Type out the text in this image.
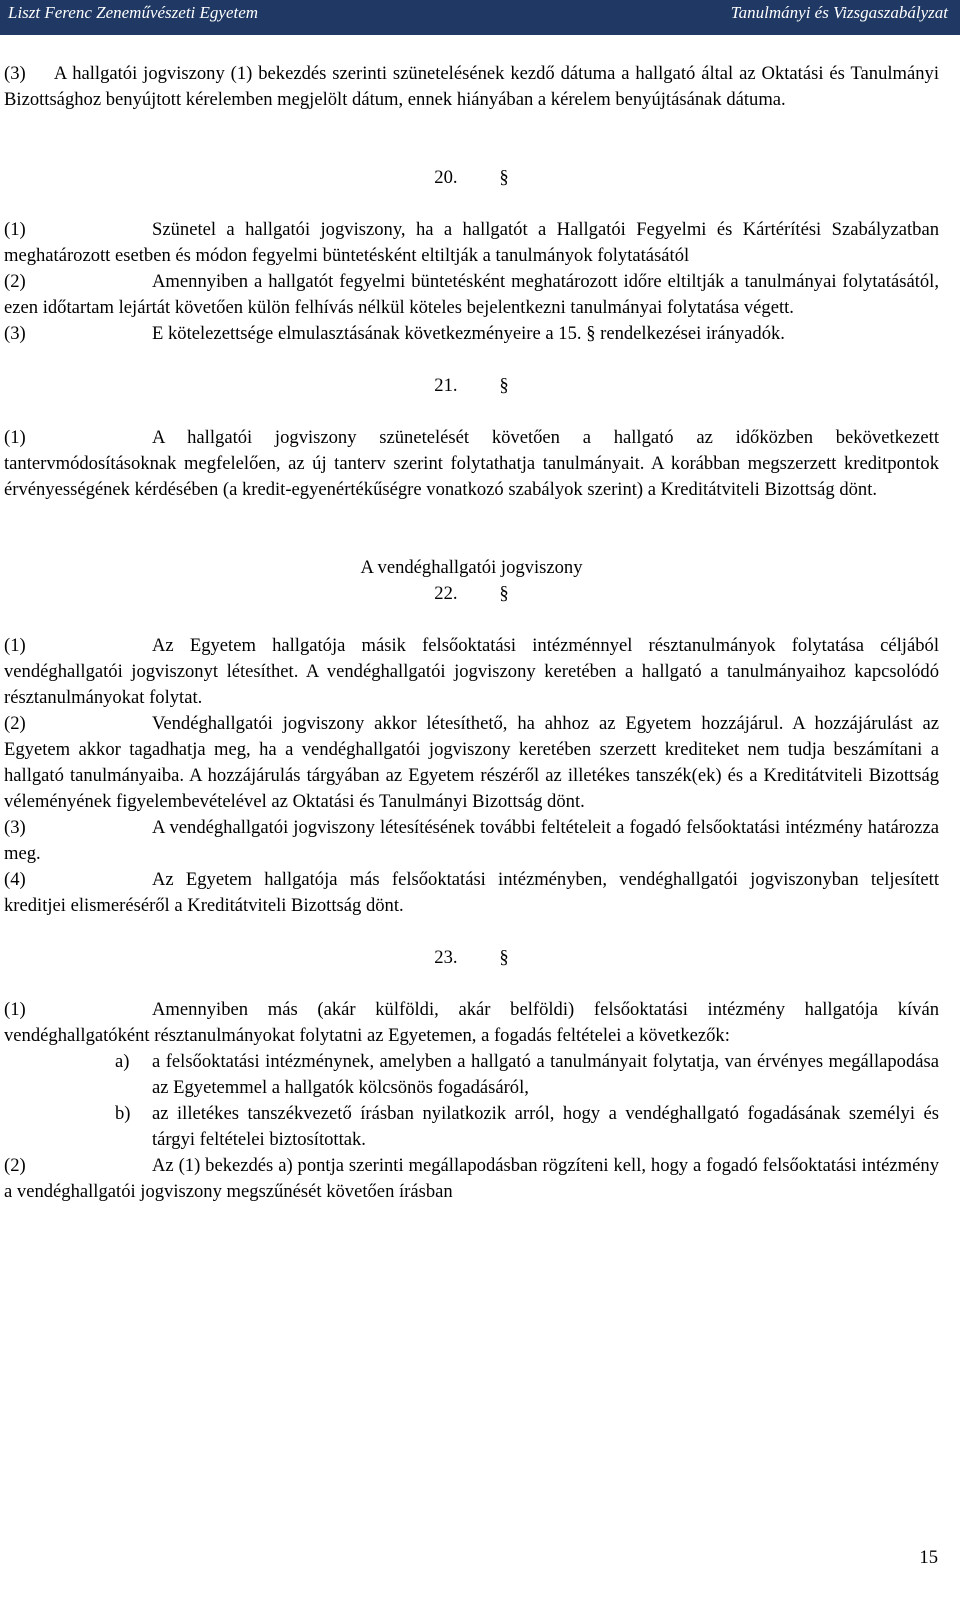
Liszt Ferenc Zeneművészeti Egyetem	Tanulmányi és Vizsgaszabályzat

(3) A hallgatói jogviszony (1) bekezdés szerinti szünetelésének kezdő dátuma a hallgató által az Oktatási és Tanulmányi Bizottsághoz benyújtott kérelemben megjelölt dátum, ennek hiányában a kérelem benyújtásának dátuma.

20. §

(1)	Szünetel a hallgatói jogviszony, ha a hallgatót a Hallgatói Fegyelmi és Kártérítési Szabályzatban meghatározott esetben és módon fegyelmi büntetésként eltiltják a tanulmányok folytatásától

(2)	Amennyiben a hallgatót fegyelmi büntetésként meghatározott időre eltiltják a tanulmányai folytatásától, ezen időtartam lejártát követően külön felhívás nélkül köteles bejelentkezni tanulmányai folytatása végett.

(3)	E kötelezettsége elmulasztásának következményeire a 15. § rendelkezései irányadók.

21. §

(1)	A hallgatói jogviszony szünetelését követően a hallgató az időközben bekövetkezett tantervmódosításoknak megfelelően, az új tanterv szerint folytathatja tanulmányait. A korábban megszerzett kreditpontok érvényességének kérdésében (a kredit-egyenértékűségre vonatkozó szabályok szerint) a Kreditátviteli Bizottság dönt.

A vendéghallgatói jogviszony

22. §

(1)	Az Egyetem hallgatója másik felsőoktatási intézménnyel résztanulmányok folytatása céljából vendéghallgatói jogviszonyt létesíthet. A vendéghallgatói jogviszony keretében a hallgató a tanulmányaihoz kapcsolódó résztanulmányokat folytat.

(2)	Vendéghallgatói jogviszony akkor létesíthető, ha ahhoz az Egyetem hozzájárul. A hozzájárulást az Egyetem akkor tagadhatja meg, ha a vendéghallgatói jogviszony keretében szerzett krediteket nem tudja beszámítani a hallgató tanulmányaiba. A hozzájárulás tárgyában az Egyetem részéről az illetékes tanszék(ek) és a Kreditátviteli Bizottság véleményének figyelembevételével az Oktatási és Tanulmányi Bizottság dönt.

(3)	A vendéghallgatói jogviszony létesítésének további feltételeit a fogadó felsőoktatási intézmény határozza meg.

(4)	Az Egyetem hallgatója más felsőoktatási intézményben, vendéghallgatói jogviszonyban teljesített kreditjei elismeréséről a Kreditátviteli Bizottság dönt.

23. §

(1)	Amennyiben más (akár külföldi, akár belföldi) felsőoktatási intézmény hallgatója kíván vendéghallgatóként résztanulmányokat folytatni az Egyetemen, a fogadás feltételei a következők:

a)	a felsőoktatási intézménynek, amelyben a hallgató a tanulmányait folytatja, van érvényes megállapodása az Egyetemmel a hallgatók kölcsönös fogadásáról,
b)	az illetékes tanszékvezető írásban nyilatkozik arról, hogy a vendéghallgató fogadásának személyi és tárgyi feltételei biztosítottak.

(2)	Az (1) bekezdés a) pontja szerinti megállapodásban rögzíteni kell, hogy a fogadó felsőoktatási intézmény a vendéghallgatói jogviszony megszűnését követően írásban

15
